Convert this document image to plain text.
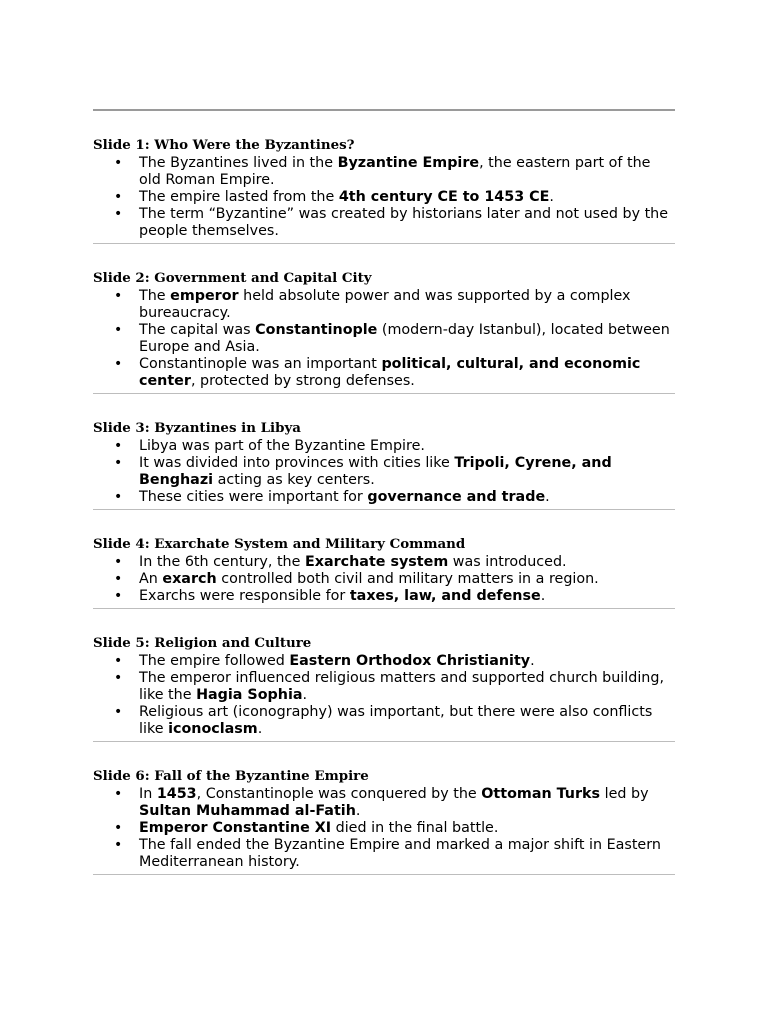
Slide 1: Who Were the Byzantines?
• The Byzantines lived in the Byzantine Empire, the eastern part of the old Roman Empire.
• The empire lasted from the 4th century CE to 1453 CE.
• The term “Byzantine” was created by historians later and not used by the people themselves.
Slide 2: Government and Capital City
• The emperor held absolute power and was supported by a complex bureaucracy.
• The capital was Constantinople (modern-day Istanbul), located between Europe and Asia.
• Constantinople was an important political, cultural, and economic center, protected by strong defenses.
Slide 3: Byzantines in Libya
• Libya was part of the Byzantine Empire.
• It was divided into provinces with cities like Tripoli, Cyrene, and Benghazi acting as key centers.
• These cities were important for governance and trade.
Slide 4: Exarchate System and Military Command
• In the 6th century, the Exarchate system was introduced.
• An exarch controlled both civil and military matters in a region.
• Exarchs were responsible for taxes, law, and defense.
Slide 5: Religion and Culture
• The empire followed Eastern Orthodox Christianity.
• The emperor influenced religious matters and supported church building, like the Hagia Sophia.
• Religious art (iconography) was important, but there were also conflicts like iconoclasm.
Slide 6: Fall of the Byzantine Empire
• In 1453, Constantinople was conquered by the Ottoman Turks led by Sultan Muhammad al-Fatih.
• Emperor Constantine XI died in the final battle.
• The fall ended the Byzantine Empire and marked a major shift in Eastern Mediterranean history.
